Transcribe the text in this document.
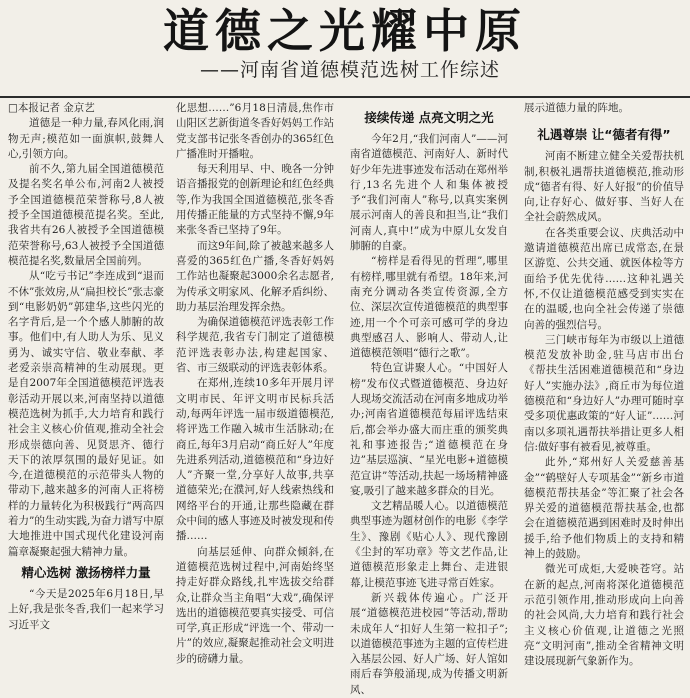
道德之光耀中原
——河南省道德模范选树工作综述

□本报记者 金京艺

道德是一种力量,春风化雨,润物无声;模范如一面旗帜,鼓舞人心,引领方向。

前不久,第九届全国道德模范及提名奖名单公布,河南2人被授予全国道德模范荣誉称号,8人被授予全国道德模范提名奖。至此,我省共有26人被授予全国道德模范荣誉称号,63人被授予全国道德模范提名奖,数量居全国前列。

从“吃亏书记”李连成到“退而不休”张效房,从“扁担校长”张志豪到“电影奶奶”郭建华,这些闪光的名字背后,是一个个感人肺腑的故事。他们中,有人助人为乐、见义勇为、诚实守信、敬业奉献、孝老爱亲崇高精神的生动展现。更是自2007年全国道德模范评选表彰活动开展以来,河南坚持以道德模范选树为抓手,大力培育和践行社会主义核心价值观,推动全社会形成崇德向善、见贤思齐、德行天下的浓厚氛围的最好见证。如今,在道德模范的示范带头人物的带动下,越来越多的河南人正将榜样的力量转化为积极践行“两高四着力”的生动实践,为奋力谱写中原大地推进中国式现代化建设河南篇章凝聚起强大精神力量。

精心选树 激扬榜样力量

“今天是2025年6月18日,早上好,我是张冬香,我们一起来学习习近平文

化思想……”6月18日清晨,焦作市山阳区艺新街道冬香好妈妈工作站党支部书记张冬香创办的365红色广播准时开播啦。

每天利用早、中、晚各一分钟语音播报党的创新理论和红色经典等,作为我国全国道德模范,张冬香用传播正能量的方式坚持不懈,9年来张冬香已坚持了9年。

而这9年间,除了被越来越多人喜爱的365红色广播,冬香好妈妈工作站也凝聚起3000余名志愿者,为传承文明家风、化解矛盾纠纷、助力基层治理发挥余热。

为确保道德模范评选表彰工作科学规范,我省专门制定了道德模范评选表彰办法,构建起国家、省、市三级联动的评选表彰体系。

在郑州,连续10多年开展月评文明市民、年评文明市民标兵活动,每两年评选一届市级道德模范,将评选工作融入城市生活脉动;在商丘,每年3月启动“商丘好人”年度先进系列活动,道德模范和“身边好人”齐聚一堂,分享好人故事,共享道德荣光;在濮河,好人线索热线和网络平台的开通,让那些隐藏在群众中间的感人事迹及时被发现和传播……

向基层延伸、向群众倾斜,在道德模范选树过程中,河南始终坚持走好群众路线,扎牢选拔交给群众,让群众当主角唱“大戏”,确保评选出的道德模范要真实接受、可信可学,真正形成“评选一个、带动一片”的效应,凝聚起推动社会文明进步的磅礴力量。

接续传递 点亮文明之光

今年2月,“我们河南人”——河南省道德模范、河南好人、新时代好少年先进事迹发布活动在郑州举行,13名先进个人和集体被授予“我们河南人”称号,以真实案例展示河南人的善良和担当,让“我们河南人,真中!”成为中原儿女发自肺腑的自豪。

“榜样是看得见的哲理”,哪里有榜样,哪里就有希望。18年来,河南充分调动各类宣传资源,全方位、深层次宣传道德模范的典型事迹,用一个个可亲可感可学的身边典型感召人、影响人、带动人,让道德模范领唱“德行之歌”。

特色宣讲聚人心。“中国好人榜”发布仪式暨道德模范、身边好人现场交流活动在河南多地成功举办;河南省道德模范每届评选结束后,都会举办盛大而庄重的颁奖典礼和事迹报告;“道德模范在身边”基层巡演、“星光电影+道德模范宣讲”等活动,扶起一场场精神盛宴,吸引了越来越多群众的目光。

文艺精品暖人心。以道德模范典型事迹为题材创作的电影《李学生》、豫剧《贴心人》、现代豫剧《尘封的军功章》等文艺作品,让道德模范形象走上舞台、走进银幕,让模范事迹飞进寻常百姓家。

新兴载体传遍心。广泛开展“道德模范进校园”等活动,帮助未成年人“扣好人生第一粒扣子”;以道德模范事迹为主题的宣传栏进入基层公园、好人广场、好人馆如雨后春笋般涌现,成为传播文明新风、

展示道德力量的阵地。

礼遇尊崇 让“德者有得”

河南不断建立健全关爱帮扶机制,积极礼遇帮扶道德模范,推动形成“德者有得、好人好报”的价值导向,让存好心、做好事、当好人在全社会蔚然成风。

在各类重要会议、庆典活动中邀请道德模范出席已成常态,在景区游览、公共交通、就医体检等方面给予优先优待……这种礼遇关怀,不仅让道德模范感受到实实在在的温暖,也向全社会传递了崇德向善的强烈信号。

三门峡市每年为市级以上道德模范发放补助金,驻马店市出台《帮扶生活困难道德模范和“身边好人”实施办法》,商丘市为每位道德模范和“身边好人”办理可随时享受多项优惠政策的“好人证”……河南以多项礼遇帮扶举措让更多人相信:做好事有被看见,被尊重。

此外,“郑州好人关爱慈善基金”“鹤壁好人专项基金”“新乡市道德模范帮扶基金”等汇聚了社会各界关爱的道德模范帮扶基金,也都会在道德模范遇到困难时及时伸出援手,给予他们物质上的支持和精神上的鼓励。

微光可成炬,大爱映苍穹。站在新的起点,河南将深化道德模范示范引领作用,推动形成向上向善的社会风尚,大力培育和践行社会主义核心价值观,让道德之光照亮“文明河南”,推动全省精神文明建设展现新气象新作为。
